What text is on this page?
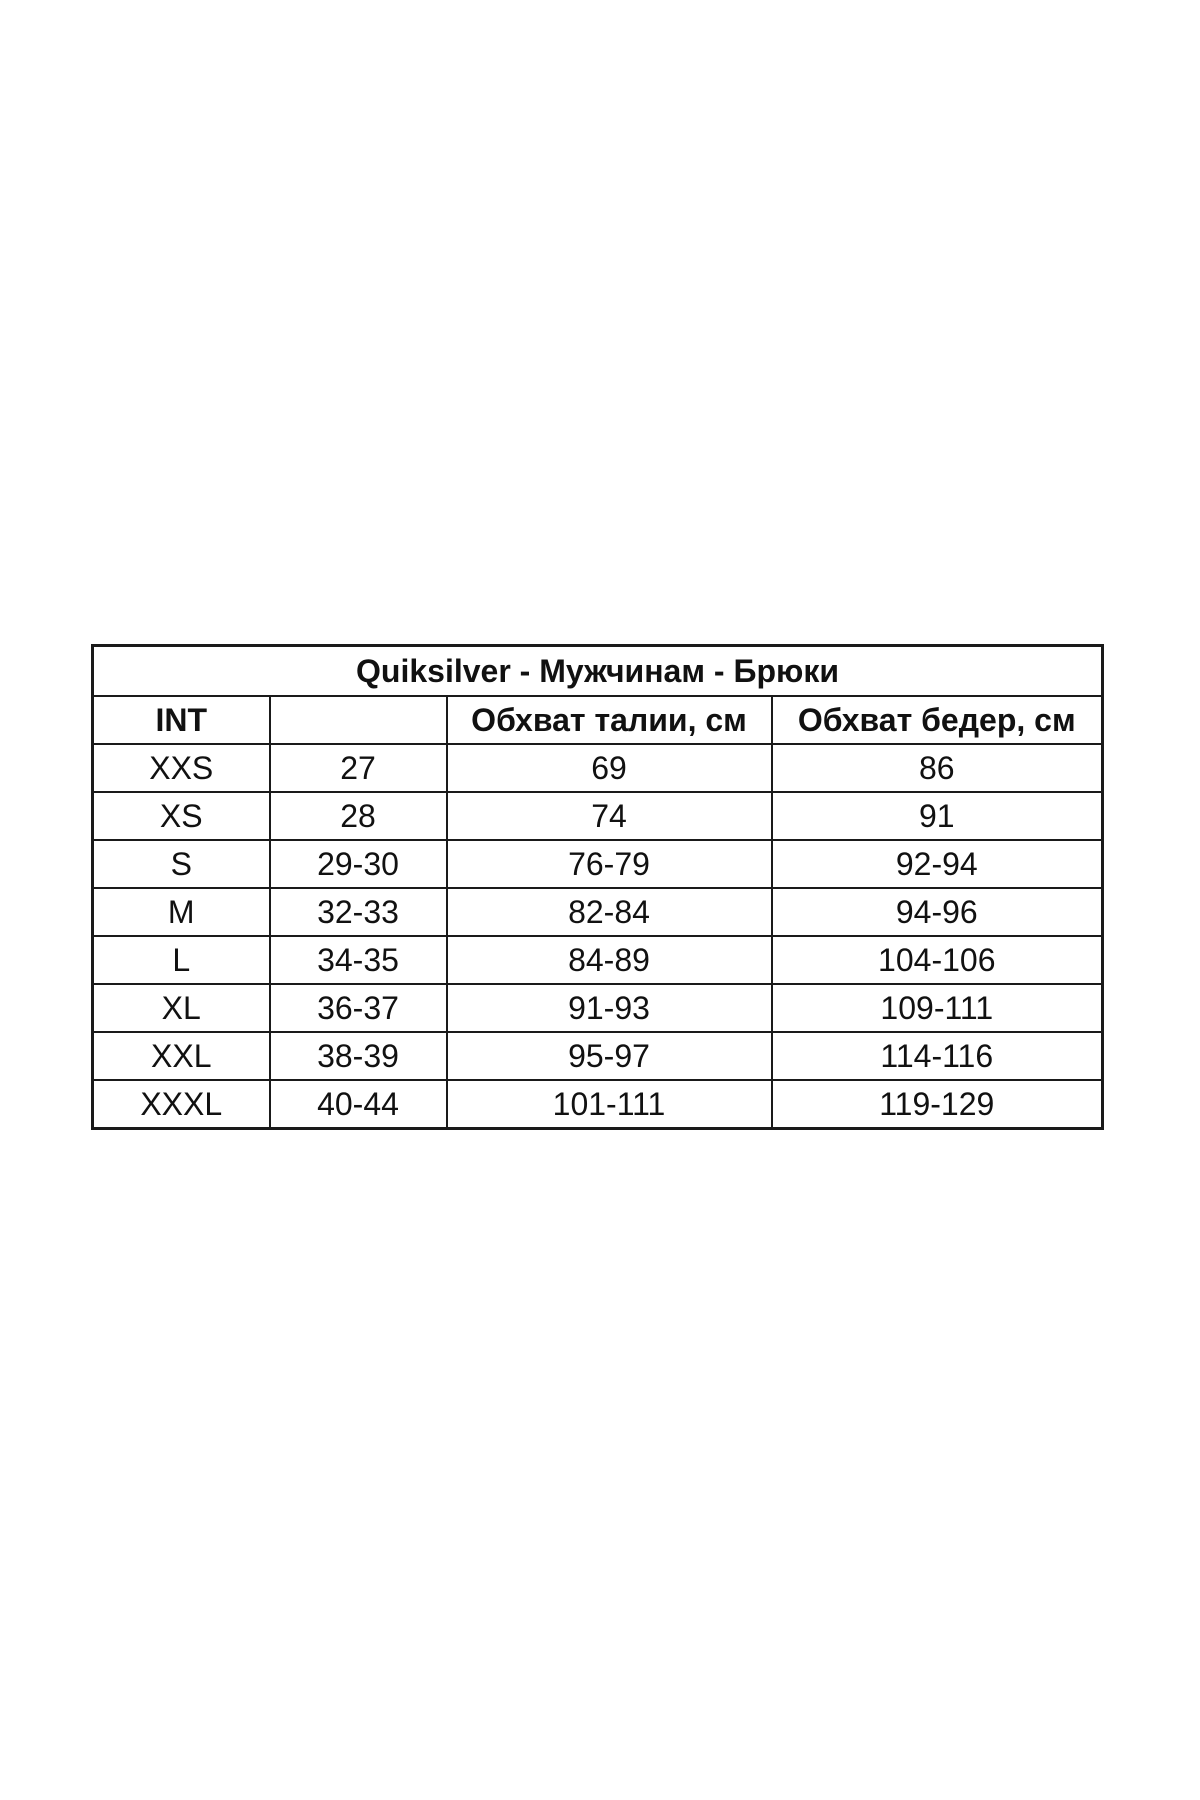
Quiksilver - Мужчинам - Брюки			
INT		Обхват талии, см	Обхват бедер, см
XXS	27	69	86
XS	28	74	91
S	29-30	76-79	92-94
M	32-33	82-84	94-96
L	34-35	84-89	104-106
XL	36-37	91-93	109-111
XXL	38-39	95-97	114-116
XXXL	40-44	101-111	119-129
